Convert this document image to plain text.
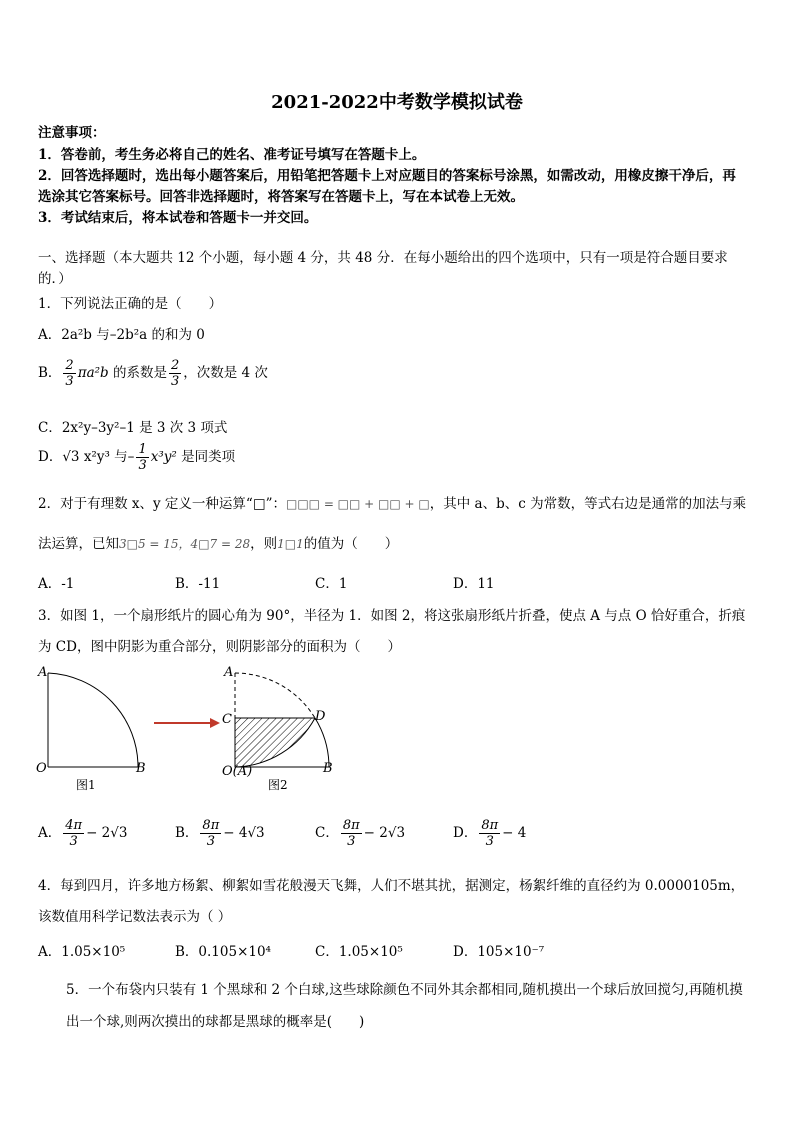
2021-2022中考数学模拟试卷
注意事项：
1．答卷前，考生务必将自己的姓名、准考证号填写在答题卡上。
2．回答选择题时，选出每小题答案后，用铅笔把答题卡上对应题目的答案标号涂黑，如需改动，用橡皮擦干净后，再
选涂其它答案标号。回答非选择题时，将答案写在答题卡上，写在本试卷上无效。
3．考试结束后，将本试卷和答题卡一并交回。
一、选择题（本大题共 12 个小题，每小题 4 分，共 48 分．在每小题给出的四个选项中，只有一项是符合题目要求
的．）
1．下列说法正确的是（　　）
A．2a²b 与–2b²a 的和为 0
B． $\frac{2}{3} \pi a^2b$ 的系数是 $\frac{2}{3}$ ，次数是 4 次
C．2x²y–3y²–1 是 3 次 3 项式
D．√3 x²y³ 与– $\frac{1}{3} x^3y^2$ 是同类项
2．对于有理数 x、y 定义一种运算“□”：□□□ = □□ + □□ + □，其中 a、b、c 为常数，等式右边是通常的加法与乘
法运算，已知3□5 = 15，4□7 = 28，则1□1的值为（　　）
A．-1	B．-11	C．1	D．11
3．如图 1，一个扇形纸片的圆心角为 90°，半径为 1．如图 2，将这张扇形纸片折叠，使点 A 与点 O 恰好重合，折痕
为 CD，图中阴影为重合部分，则阴影部分的面积为（　　）
A
O	B
图1
A
C	D
O(A)	B
图2
A． $\frac{4\pi}{3} - 2√3$	B． $\frac{8\pi}{3} - 4√3$	C． $\frac{8\pi}{3} - 2√3$	D． $\frac{8\pi}{3} - 4$
4．每到四月，许多地方杨絮、柳絮如雪花般漫天飞舞，人们不堪其扰，据测定，杨絮纤维的直径约为 0.0000105m，
该数值用科学记数法表示为（ ）
A．1.05×10⁵	B．0.105×10⁴	C．1.05×10⁵	D．105×10⁻⁷
5．一个布袋内只装有 1 个黑球和 2 个白球,这些球除颜色不同外其余都相同,随机摸出一个球后放回搅匀,再随机摸
出一个球,则两次摸出的球都是黑球的概率是(　　)
